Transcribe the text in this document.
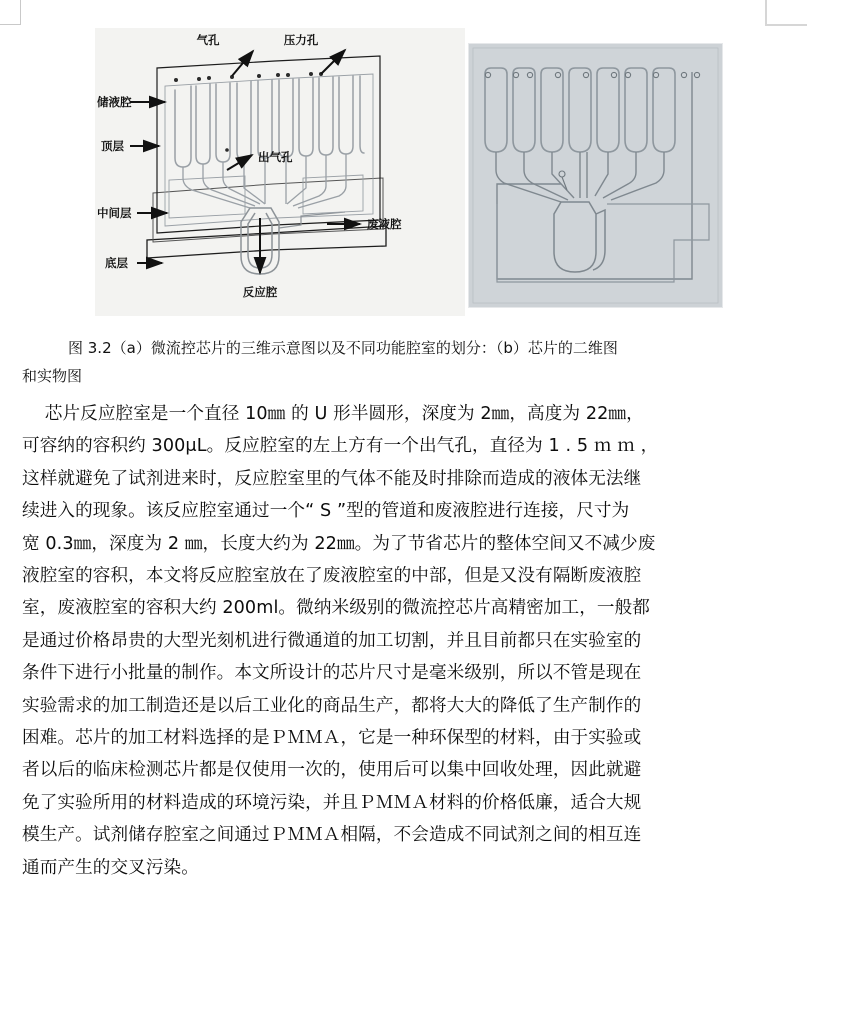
气孔	压力孔
储液腔
顶层
出气孔
中间层
废液腔
底层
反应腔
图 3.2（a）微流控芯片的三维示意图以及不同功能腔室的划分：（b）芯片的二维图
和实物图

芯片反应腔室是一个直径 10㎜ 的 U 形半圆形，深度为 2㎜，高度为 22㎜，
可容纳的容积约 300μL。反应腔室的左上方有一个出气孔，直径为 1 . 5 ｍ ｍ ，
这样就避免了试剂进来时，反应腔室里的气体不能及时排除而造成的液体无法继
续进入的现象。该反应腔室通过一个“ S ”型的管道和废液腔进行连接，尺寸为
宽 0.3㎜，深度为 2 ㎜，长度大约为 22㎜。为了节省芯片的整体空间又不减少废
液腔室的容积，本文将反应腔室放在了废液腔室的中部，但是又没有隔断废液腔
室，废液腔室的容积大约 200ml。微纳米级别的微流控芯片高精密加工，一般都
是通过价格昂贵的大型光刻机进行微通道的加工切割，并且目前都只在实验室的
条件下进行小批量的制作。本文所设计的芯片尺寸是毫米级别，所以不管是现在
实验需求的加工制造还是以后工业化的商品生产，都将大大的降低了生产制作的
困难。芯片的加工材料选择的是ＰＭＭＡ，它是一种环保型的材料，由于实验或
者以后的临床检测芯片都是仅使用一次的，使用后可以集中回收处理，因此就避
免了实验所用的材料造成的环境污染，并且ＰＭＭＡ材料的价格低廉，适合大规
模生产。试剂储存腔室之间通过ＰＭＭＡ相隔，不会造成不同试剂之间的相互连
通而产生的交叉污染。
